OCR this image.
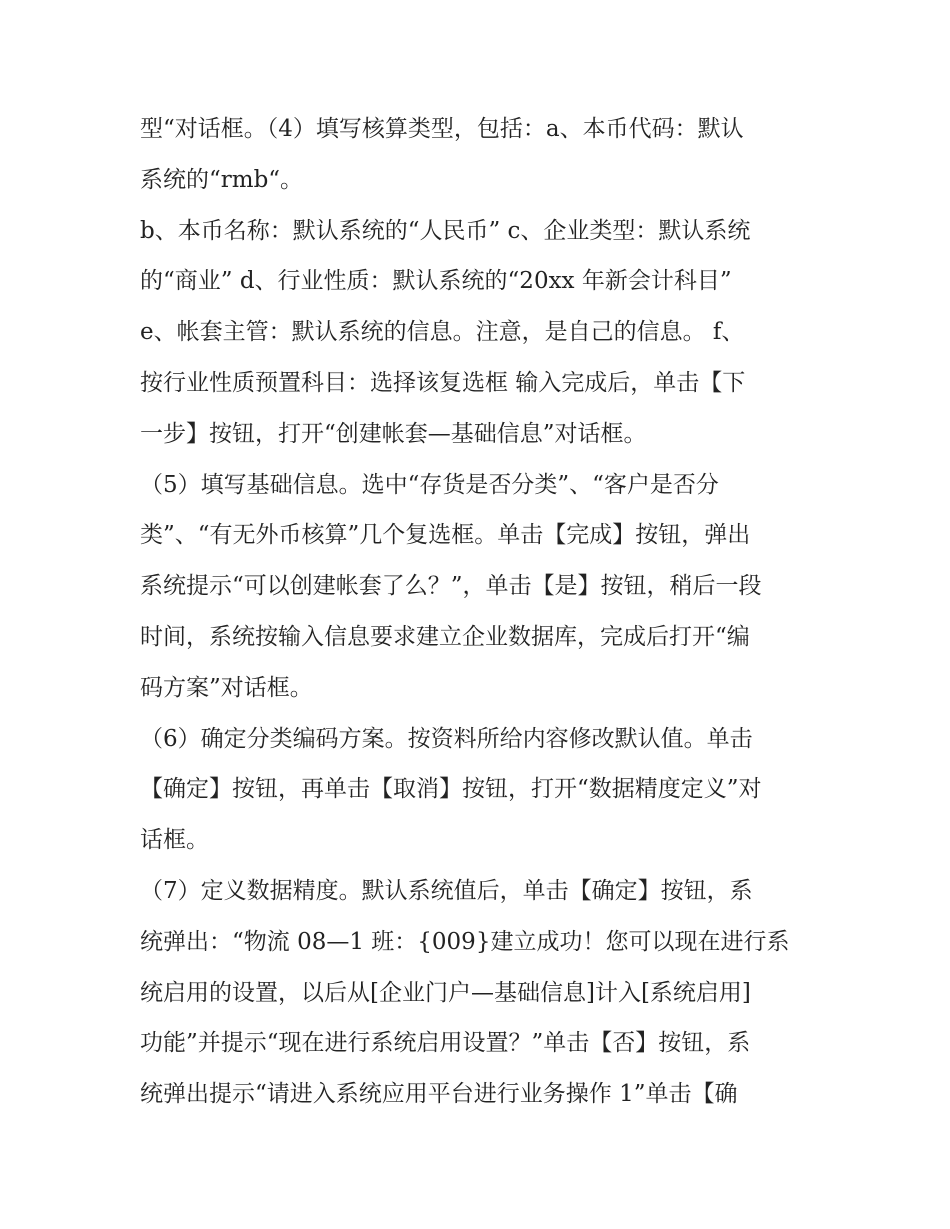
型“对话框。（4）填写核算类型，包括：a、本币代码：默认
系统的“rmb“。
b、本币名称：默认系统的“人民币” c、企业类型：默认系统
的“商业” d、行业性质：默认系统的“20xx 年新会计科目”
e、帐套主管：默认系统的信息。注意，是自己的信息。 f、
按行业性质预置科目：选择该复选框 输入完成后，单击【下
一步】按钮，打开“创建帐套—基础信息”对话框。
（5）填写基础信息。选中“存货是否分类”、“客户是否分
类”、“有无外币核算”几个复选框。单击【完成】按钮，弹出
系统提示“可以创建帐套了么？”，单击【是】按钮，稍后一段
时间，系统按输入信息要求建立企业数据库，完成后打开“编
码方案”对话框。
（6）确定分类编码方案。按资料所给内容修改默认值。单击
【确定】按钮，再单击【取消】按钮，打开“数据精度定义”对
话框。
（7）定义数据精度。默认系统值后，单击【确定】按钮，系
统弹出：“物流 08—1 班：{009}建立成功！您可以现在进行系
统启用的设置，以后从[企业门户—基础信息]计入[系统启用]
功能”并提示“现在进行系统启用设置？”单击【否】按钮，系
统弹出提示“请进入系统应用平台进行业务操作 1”单击【确
